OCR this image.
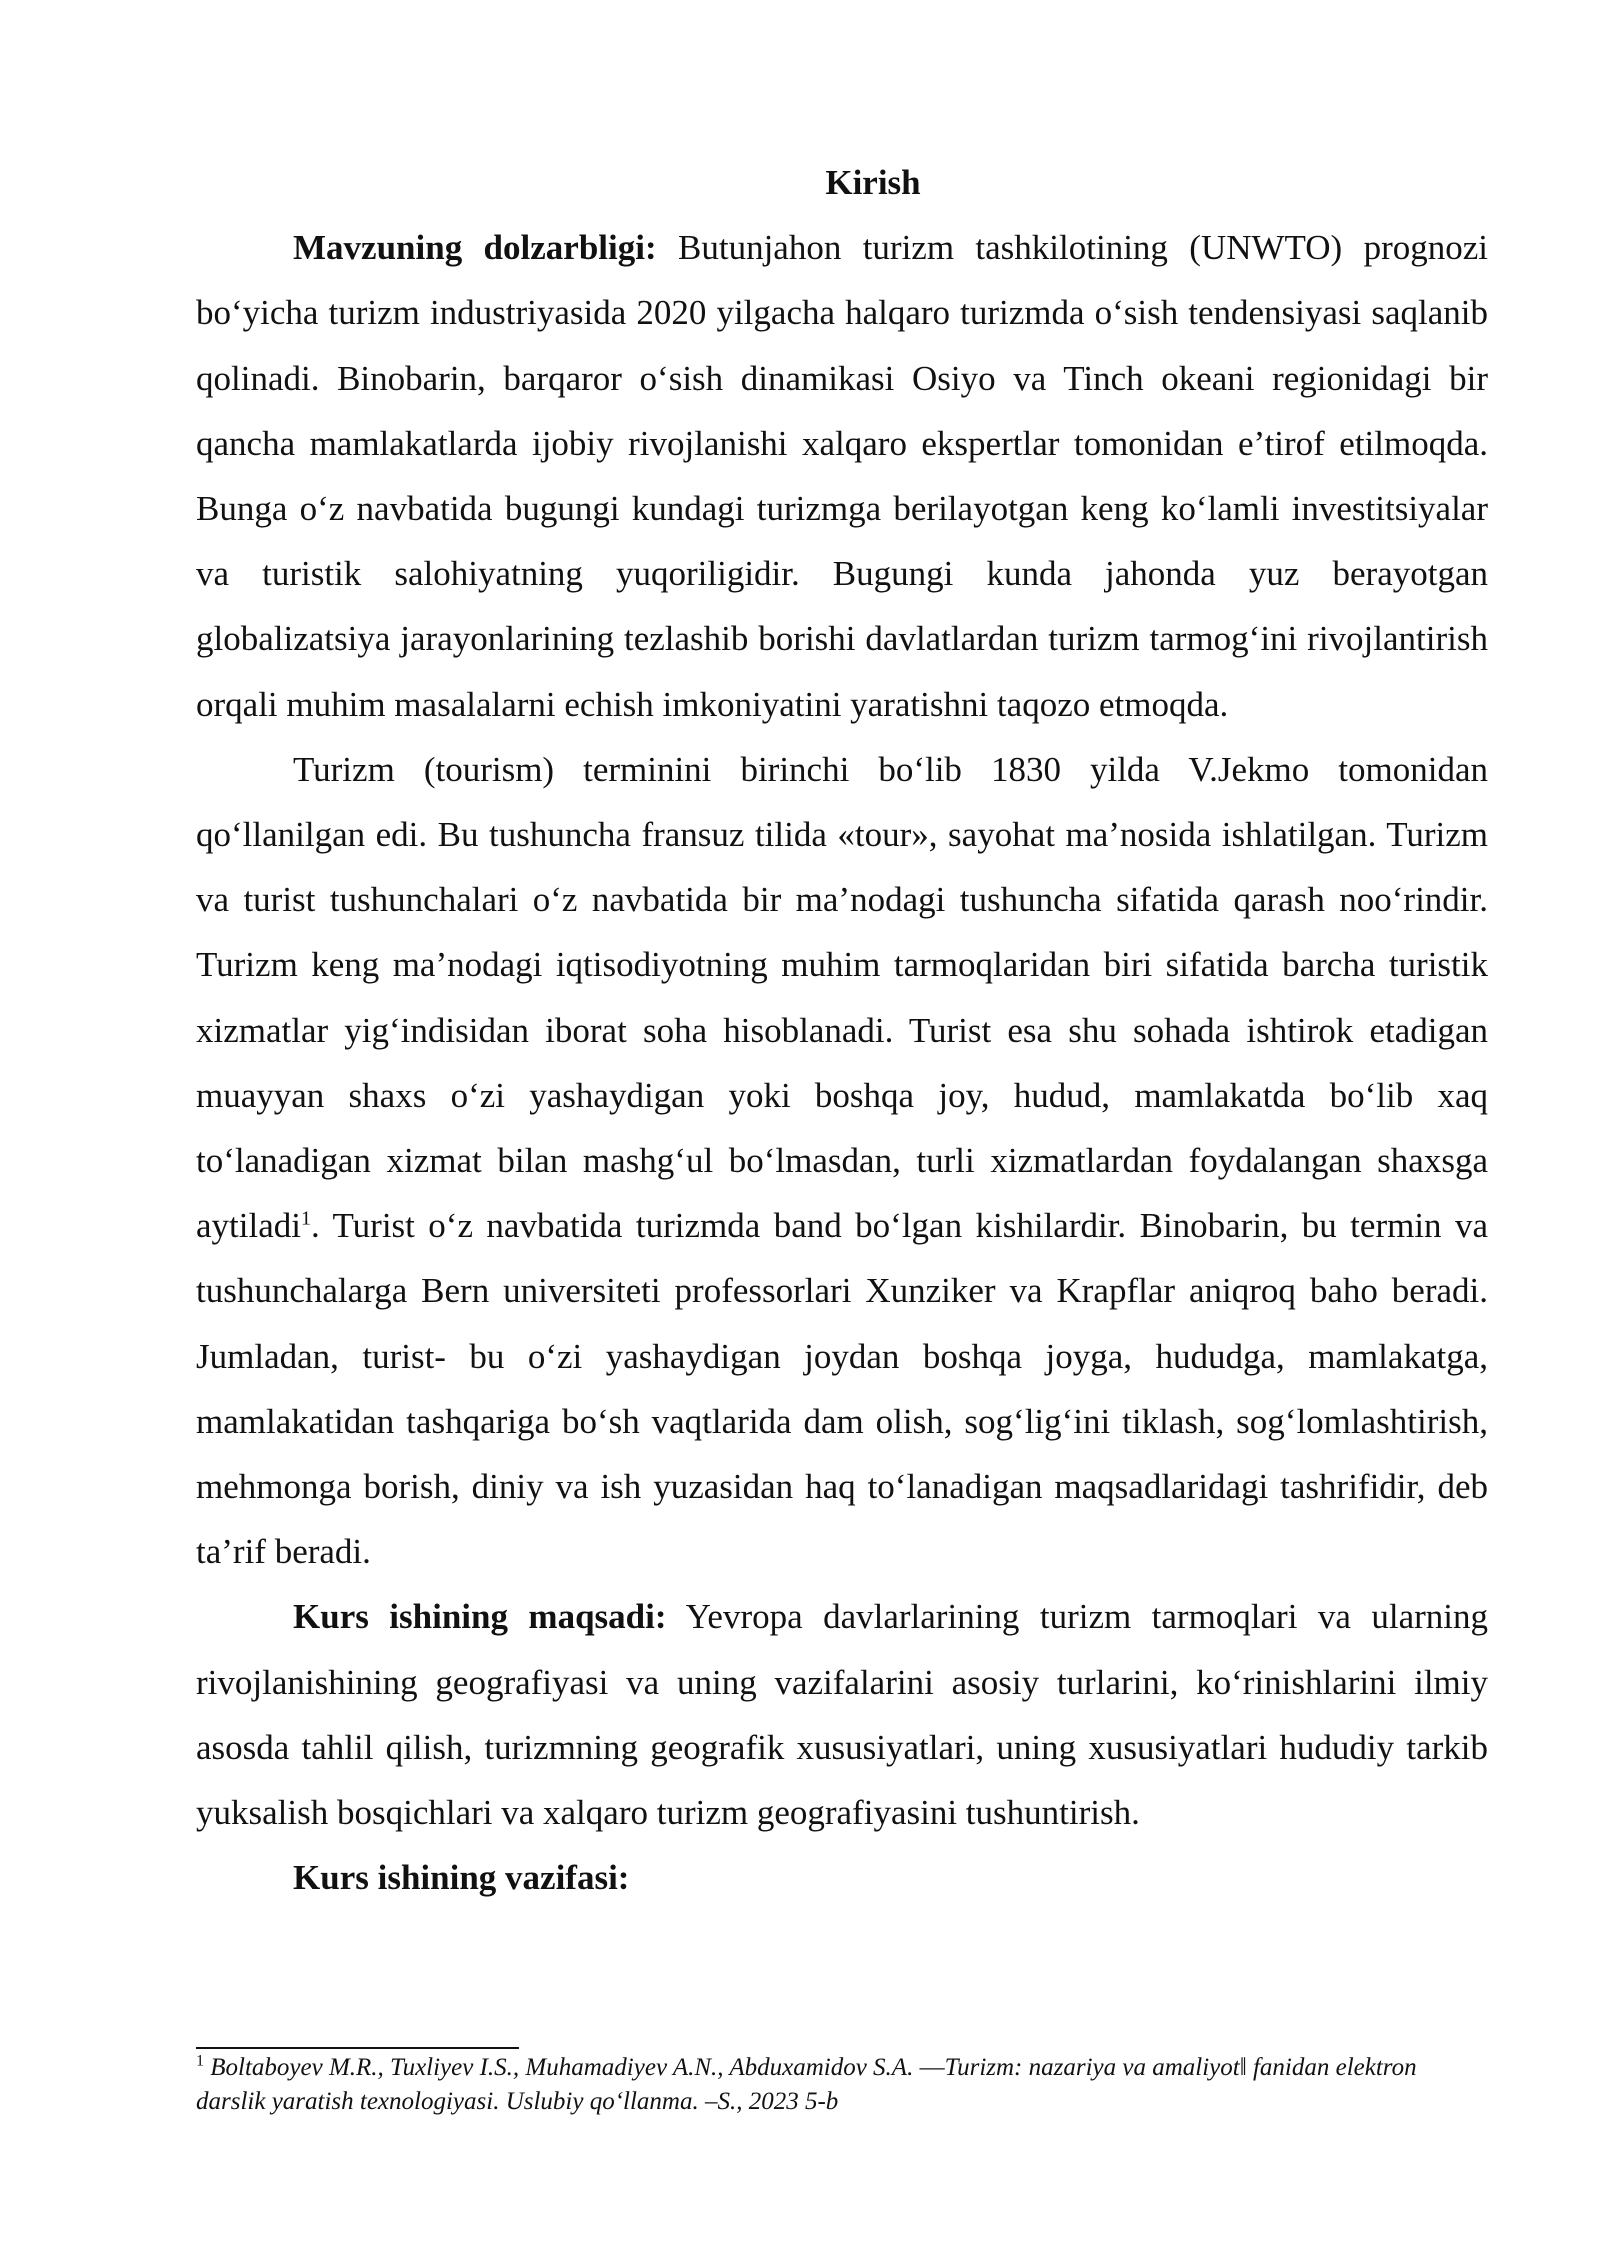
Kirish

Mavzuning dolzarbligi: Butunjahon turizm tashkilotining (UNWTO) prognozi bo‘yicha turizm industriyasida 2020 yilgacha halqaro turizmda o‘sish tendensiyasi saqlanib qolinadi. Binobarin, barqaror o‘sish dinamikasi Osiyo va Tinch okeani regionidagi bir qancha mamlakatlarda ijobiy rivojlanishi xalqaro ekspertlar tomonidan e’tirof etilmoqda. Bunga o‘z navbatida bugungi kundagi turizmga berilayotgan keng ko‘lamli investitsiyalar va turistik salohiyatning yuqoriligidir. Bugungi kunda jahonda yuz berayotgan globalizatsiya jarayonlarining tezlashib borishi davlatlardan turizm tarmog‘ini rivojlantirish orqali muhim masalalarni echish imkoniyatini yaratishni taqozo etmoqda.

Turizm (tourism) terminini birinchi bo‘lib 1830 yilda V.Jekmo tomonidan qo‘llanilgan edi. Bu tushuncha fransuz tilida «tour», sayohat ma’nosida ishlatilgan. Turizm va turist tushunchalari o‘z navbatida bir ma’nodagi tushuncha sifatida qarash noo‘rindir. Turizm keng ma’nodagi iqtisodiyotning muhim tarmoqlaridan biri sifatida barcha turistik xizmatlar yig‘indisidan iborat soha hisoblanadi. Turist esa shu sohada ishtirok etadigan muayyan shaxs o‘zi yashaydigan yoki boshqa joy, hudud, mamlakatda bo‘lib xaq to‘lanadigan xizmat bilan mashg‘ul bo‘lmasdan, turli xizmatlardan foydalangan shaxsga aytiladi$^1$. Turist o‘z navbatida turizmda band bo‘lgan kishilardir. Binobarin, bu termin va tushunchalarga Bern universiteti professorlari Xunziker va Krapflar aniqroq baho beradi. Jumladan, turist- bu o‘zi yashaydigan joydan boshqa joyga, hududga, mamlakatga, mamlakatidan tashqariga bo‘sh vaqtlarida dam olish, sog‘lig‘ini tiklash, sog‘lomlashtirish, mehmonga borish, diniy va ish yuzasidan haq to‘lanadigan maqsadlaridagi tashrifidir, deb ta’rif beradi.

Kurs ishining maqsadi: Yevropa davlarlarining turizm tarmoqlari va ularning rivojlanishining geografiyasi va uning vazifalarini asosiy turlarini, ko‘rinishlarini ilmiy asosda tahlil qilish, turizmning geografik xususiyatlari, uning xususiyatlari hududiy tarkib yuksalish bosqichlari va xalqaro turizm geografiyasini tushuntirish.

Kurs ishining vazifasi:

$^1$ Boltaboyev M.R., Tuxliyev I.S., Muhamadiyev A.N., Abduxamidov S.A. ―Turizm: nazariya va amaliyot‖ fanidan elektron darslik yaratish texnologiyasi. Uslubiy qo‘llanma. –S., 2023 5-b
